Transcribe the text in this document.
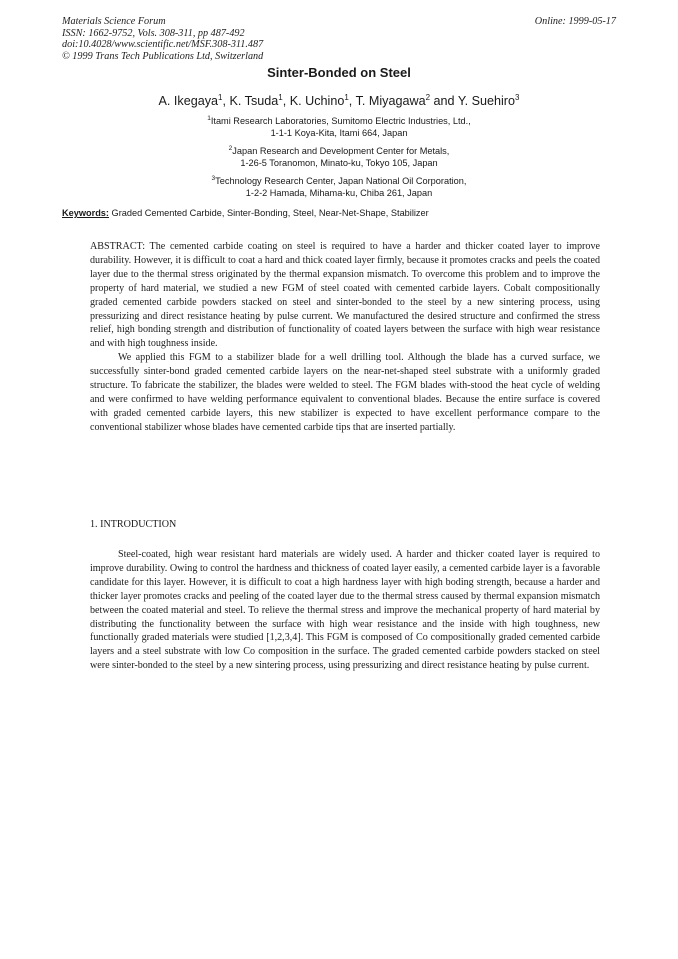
Materials Science Forum
ISSN: 1662-9752, Vols. 308-311, pp 487-492
doi:10.4028/www.scientific.net/MSF.308-311.487
© 1999 Trans Tech Publications Ltd, Switzerland
Online: 1999-05-17
Sinter-Bonded on Steel
A. Ikegaya$^1$, K. Tsuda$^1$, K. Uchino$^1$, T. Miyagawa$^2$ and Y. Suehiro$^3$
$^1$Itami Research Laboratories, Sumitomo Electric Industries, Ltd.,
1-1-1 Koya-Kita, Itami 664, Japan
$^2$Japan Research and Development Center for Metals,
1-26-5 Toranomon, Minato-ku, Tokyo 105, Japan
$^3$Technology Research Center, Japan National Oil Corporation,
1-2-2 Hamada, Mihama-ku, Chiba 261, Japan
Keywords: Graded Cemented Carbide, Sinter-Bonding, Steel, Near-Net-Shape, Stabilizer

ABSTRACT: The cemented carbide coating on steel is required to have a harder and thicker coated layer to improve durability. However, it is difficult to coat a hard and thick coated layer firmly, because it promotes cracks and peels the coated layer due to the thermal stress originated by the thermal expansion mismatch. To overcome this problem and to improve the property of hard material, we studied a new FGM of steel coated with cemented carbide layers. Cobalt compositionally graded cemented carbide powders stacked on steel and sinter-bonded to the steel by a new sintering process, using pressurizing and direct resistance heating by pulse current. We manufactured the desired structure and confirmed the stress relief, high bonding strength and distribution of functionality of coated layers between the surface with high wear resistance and with high toughness inside.

We applied this FGM to a stabilizer blade for a well drilling tool. Although the blade has a curved surface, we successfully sinter-bond graded cemented carbide layers on the near-net-shaped steel substrate with a uniformly graded structure. To fabricate the stabilizer, the blades were welded to steel. The FGM blades with-stood the heat cycle of welding and were confirmed to have welding performance equivalent to conventional blades. Because the entire surface is covered with graded cemented carbide layers, this new stabilizer is expected to have excellent performance compare to the conventional stabilizer whose blades have cemented carbide tips that are inserted partially.

1. INTRODUCTION

Steel-coated, high wear resistant hard materials are widely used. A harder and thicker coated layer is required to improve durability. Owing to control the hardness and thickness of coated layer easily, a cemented carbide layer is a favorable candidate for this layer. However, it is difficult to coat a high hardness layer with high boding strength, because a harder and thicker layer promotes cracks and peeling of the coated layer due to the thermal stress caused by thermal expansion mismatch between the coated material and steel. To relieve the thermal stress and improve the mechanical property of hard material by distributing the functionality between the surface with high wear resistance and the inside with high toughness, new functionally graded materials were studied [1,2,3,4]. This FGM is composed of Co compositionally graded cemented carbide layers and a steel substrate with low Co composition in the surface. The graded cemented carbide powders stacked on steel were sinter-bonded to the steel by a new sintering process, using pressurizing and direct resistance heating by pulse current.
